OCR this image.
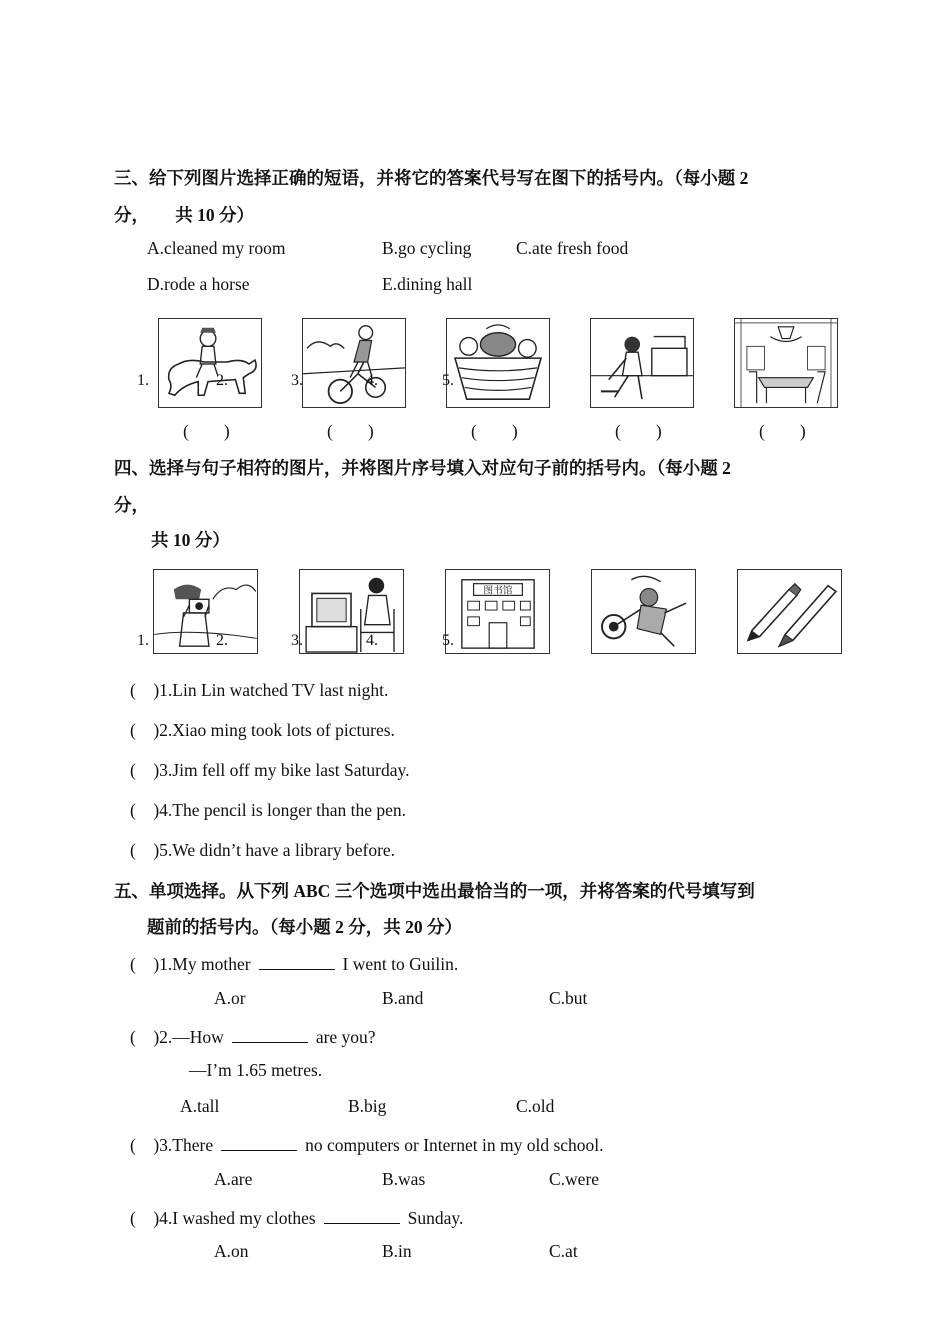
三、给下列图片选择正确的短语，并将它的答案代号写在图下的括号内。（每小题 2
分，　　共 10 分）
A.cleaned my room	B.go cycling	C.ate fresh food
D.rode a horse	E.dining hall
1.	2.	3.	4.	5.
(　　)	(　　)	(　　)	(　　)	(　　)
四、选择与句子相符的图片，并将图片序号填入对应句子前的括号内。（每小题 2
分，
共 10 分）
图书馆
1.	2.	3.	4.	5.
(　)1.Lin Lin watched TV last night.
(　)2.Xiao ming took lots of pictures.
(　)3.Jim fell off my bike last Saturday.
(　)4.The pencil is longer than the pen.
(　)5.We didn’t have a library before.
五、单项选择。从下列 ABC 三个选项中选出最恰当的一项，并将答案的代号填写到
题前的括号内。（每小题 2 分，共 20 分）
(　)1.My mother	I went to Guilin.
A.or	B.and	C.but
(　)2.—How	are you?
—I’m 1.65 metres.
A.tall	B.big	C.old
(　)3.There	no computers or Internet in my old school.
A.are	B.was	C.were
(　)4.I washed my clothes	Sunday.
A.on	B.in	C.at
